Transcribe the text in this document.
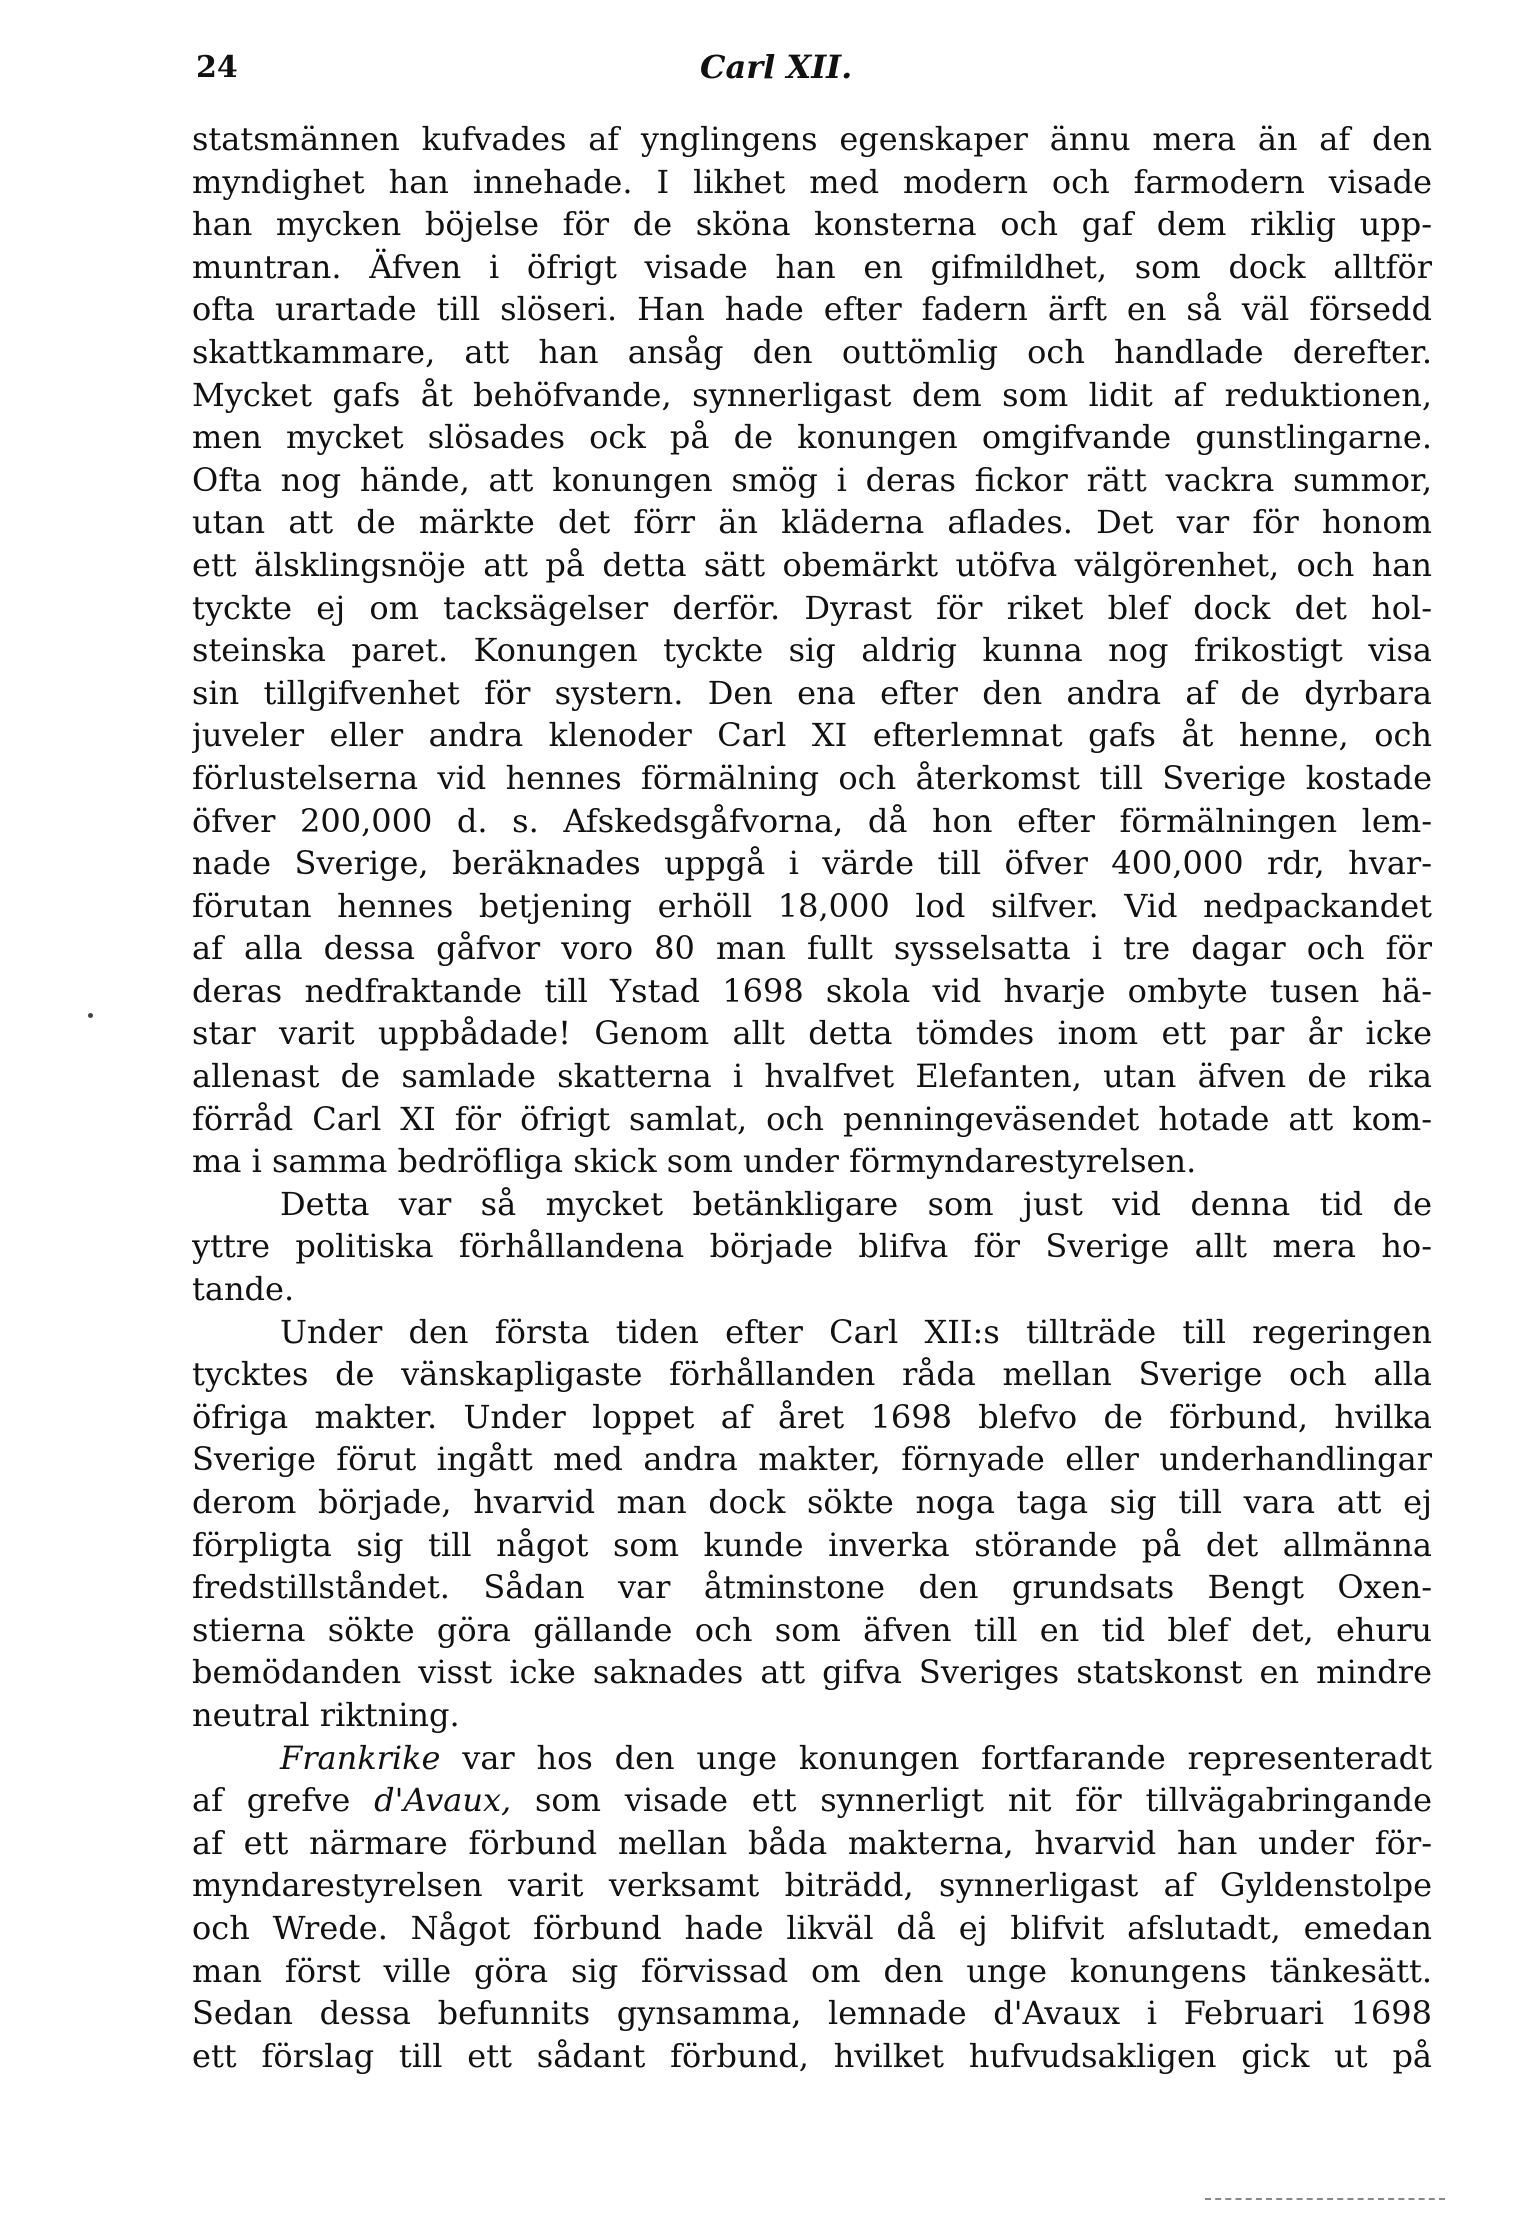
24	Carl XII.
statsmännen kufvades af ynglingens egenskaper ännu mera än af den
myndighet han innehade. I likhet med modern och farmodern visade
han mycken böjelse för de sköna konsterna och gaf dem riklig upp-
muntran. Äfven i öfrigt visade han en gifmildhet, som dock alltför
ofta urartade till slöseri. Han hade efter fadern ärft en så väl försedd
skattkammare, att han ansåg den outtömlig och handlade derefter.
Mycket gafs åt behöfvande, synnerligast dem som lidit af reduktionen,
men mycket slösades ock på de konungen omgifvande gunstlingarne.
Ofta nog hände, att konungen smög i deras fickor rätt vackra summor,
utan att de märkte det förr än kläderna aflades. Det var för honom
ett älsklingsnöje att på detta sätt obemärkt utöfva välgörenhet, och han
tyckte ej om tacksägelser derför. Dyrast för riket blef dock det hol-
steinska paret. Konungen tyckte sig aldrig kunna nog frikostigt visa
sin tillgifvenhet för systern. Den ena efter den andra af de dyrbara
juveler eller andra klenoder Carl XI efterlemnat gafs åt henne, och
förlustelserna vid hennes förmälning och återkomst till Sverige kostade
öfver 200,000 d. s. Afskedsgåfvorna, då hon efter förmälningen lem-
nade Sverige, beräknades uppgå i värde till öfver 400,000 rdr, hvar-
förutan hennes betjening erhöll 18,000 lod silfver. Vid nedpackandet
af alla dessa gåfvor voro 80 man fullt sysselsatta i tre dagar och för
deras nedfraktande till Ystad 1698 skola vid hvarje ombyte tusen hä-
star varit uppbådade! Genom allt detta tömdes inom ett par år icke
allenast de samlade skatterna i hvalfvet Elefanten, utan äfven de rika
förråd Carl XI för öfrigt samlat, och penningeväsendet hotade att kom-
ma i samma bedröfliga skick som under förmyndarestyrelsen.
Detta var så mycket betänkligare som just vid denna tid de
yttre politiska förhållandena började blifva för Sverige allt mera ho-
tande.
Under den första tiden efter Carl XII:s tillträde till regeringen
tycktes de vänskapligaste förhållanden råda mellan Sverige och alla
öfriga makter. Under loppet af året 1698 blefvo de förbund, hvilka
Sverige förut ingått med andra makter, förnyade eller underhandlingar
derom började, hvarvid man dock sökte noga taga sig till vara att ej
förpligta sig till något som kunde inverka störande på det allmänna
fredstillståndet. Sådan var åtminstone den grundsats Bengt Oxen-
stierna sökte göra gällande och som äfven till en tid blef det, ehuru
bemödanden visst icke saknades att gifva Sveriges statskonst en mindre
neutral riktning.
Frankrike var hos den unge konungen fortfarande representeradt
af grefve d'Avaux, som visade ett synnerligt nit för tillvägabringande
af ett närmare förbund mellan båda makterna, hvarvid han under för-
myndarestyrelsen varit verksamt biträdd, synnerligast af Gyldenstolpe
och Wrede. Något förbund hade likväl då ej blifvit afslutadt, emedan
man först ville göra sig förvissad om den unge konungens tänkesätt.
Sedan dessa befunnits gynsamma, lemnade d'Avaux i Februari 1698
ett förslag till ett sådant förbund, hvilket hufvudsakligen gick ut på
